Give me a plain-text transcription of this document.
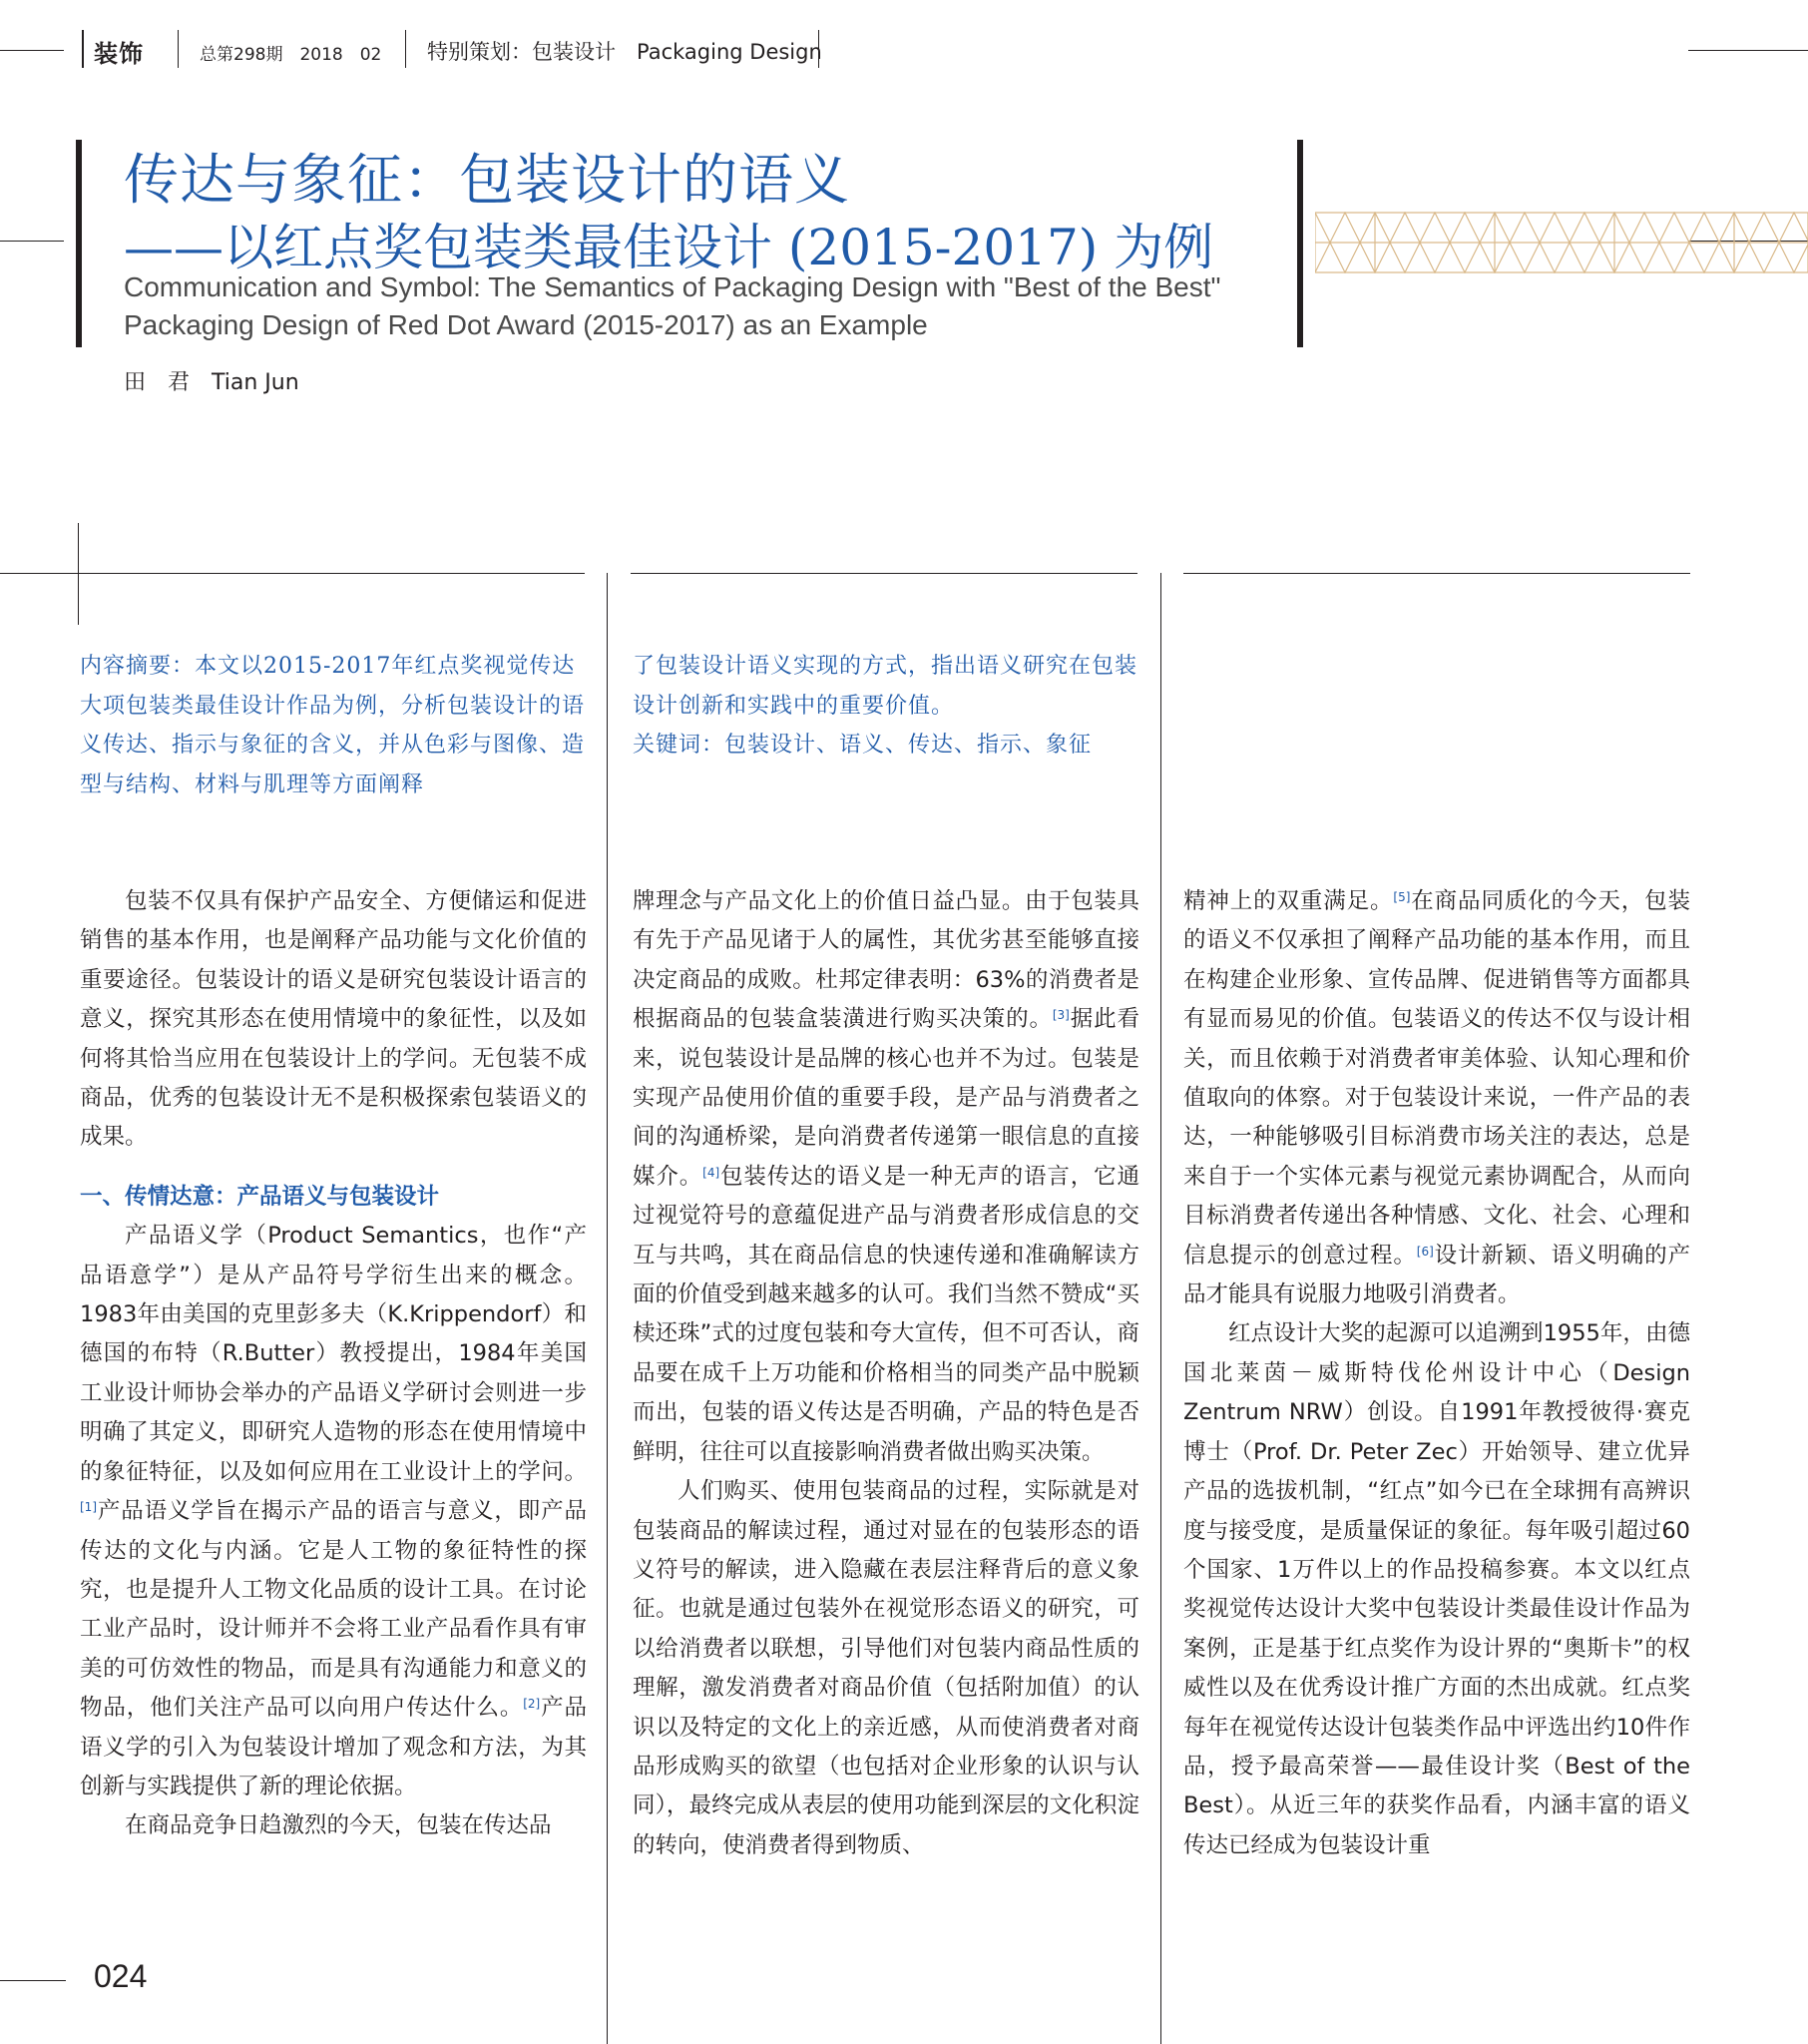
装饰	总第298期　2018　02 特别策划：包装设计　Packaging Design
传达与象征：包装设计的语义
——以红点奖包装类最佳设计 (2015-2017) 为例
Communication and Symbol: The Semantics of Packaging Design with "Best of the Best"
Packaging Design of Red Dot Award (2015-2017) as an Example
田　君　Tian Jun
内容摘要：本文以2015-2017年红点奖视觉传达大项包装类最佳设计作品为例，分析包装设计的语义传达、指示与象征的含义，并从色彩与图像、造型与结构、材料与肌理等方面阐释
了包装设计语义实现的方式，指出语义研究在包装设计创新和实践中的重要价值。
关键词：包装设计、语义、传达、指示、象征

包装不仅具有保护产品安全、方便储运和促进销售的基本作用，也是阐释产品功能与文化价值的重要途径。包装设计的语义是研究包装设计语言的意义，探究其形态在使用情境中的象征性，以及如何将其恰当应用在包装设计上的学问。无包装不成商品，优秀的包装设计无不是积极探索包装语义的成果。

一、传情达意：产品语义与包装设计

产品语义学（Product Semantics，也作“产品语意学”）是从产品符号学衍生出来的概念。1983年由美国的克里彭多夫（K.Krippendorf）和德国的布特（R.Butter）教授提出，1984年美国工业设计师协会举办的产品语义学研讨会则进一步明确了其定义，即研究人造物的形态在使用情境中的象征特征，以及如何应用在工业设计上的学问。[1]产品语义学旨在揭示产品的语言与意义，即产品传达的文化与内涵。它是人工物的象征特性的探究，也是提升人工物文化品质的设计工具。在讨论工业产品时，设计师并不会将工业产品看作具有审美的可仿效性的物品，而是具有沟通能力和意义的物品，他们关注产品可以向用户传达什么。[2]产品语义学的引入为包装设计增加了观念和方法，为其创新与实践提供了新的理论依据。

在商品竞争日趋激烈的今天，包装在传达品

牌理念与产品文化上的价值日益凸显。由于包装具有先于产品见诸于人的属性，其优劣甚至能够直接决定商品的成败。杜邦定律表明：63%的消费者是根据商品的包装盒装潢进行购买决策的。[3]据此看来，说包装设计是品牌的核心也并不为过。包装是实现产品使用价值的重要手段，是产品与消费者之间的沟通桥梁，是向消费者传递第一眼信息的直接媒介。[4]包装传达的语义是一种无声的语言，它通过视觉符号的意蕴促进产品与消费者形成信息的交互与共鸣，其在商品信息的快速传递和准确解读方面的价值受到越来越多的认可。我们当然不赞成“买椟还珠”式的过度包装和夸大宣传，但不可否认，商品要在成千上万功能和价格相当的同类产品中脱颖而出，包装的语义传达是否明确，产品的特色是否鲜明，往往可以直接影响消费者做出购买决策。

人们购买、使用包装商品的过程，实际就是对包装商品的解读过程，通过对显在的包装形态的语义符号的解读，进入隐藏在表层注释背后的意义象征。也就是通过包装外在视觉形态语义的研究，可以给消费者以联想，引导他们对包装内商品性质的理解，激发消费者对商品价值（包括附加值）的认识以及特定的文化上的亲近感，从而使消费者对商品形成购买的欲望（也包括对企业形象的认识与认同），最终完成从表层的使用功能到深层的文化积淀的转向，使消费者得到物质、

精神上的双重满足。[5]在商品同质化的今天，包装的语义不仅承担了阐释产品功能的基本作用，而且在构建企业形象、宣传品牌、促进销售等方面都具有显而易见的价值。包装语义的传达不仅与设计相关，而且依赖于对消费者审美体验、认知心理和价值取向的体察。对于包装设计来说，一件产品的表达，一种能够吸引目标消费市场关注的表达，总是来自于一个实体元素与视觉元素协调配合，从而向目标消费者传递出各种情感、文化、社会、心理和信息提示的创意过程。[6]设计新颖、语义明确的产品才能具有说服力地吸引消费者。

红点设计大奖的起源可以追溯到1955年，由德国北莱茵－威斯特伐伦州设计中心（Design Zentrum NRW）创设。自1991年教授彼得·赛克博士（Prof. Dr. Peter Zec）开始领导、建立优异产品的选拔机制，“红点”如今已在全球拥有高辨识度与接受度，是质量保证的象征。每年吸引超过60个国家、1万件以上的作品投稿参赛。本文以红点奖视觉传达设计大奖中包装设计类最佳设计作品为案例，正是基于红点奖作为设计界的“奥斯卡”的权威性以及在优秀设计推广方面的杰出成就。红点奖每年在视觉传达设计包装类作品中评选出约10件作品，授予最高荣誉——最佳设计奖（Best of the Best）。从近三年的获奖作品看，内涵丰富的语义传达已经成为包装设计重

024
